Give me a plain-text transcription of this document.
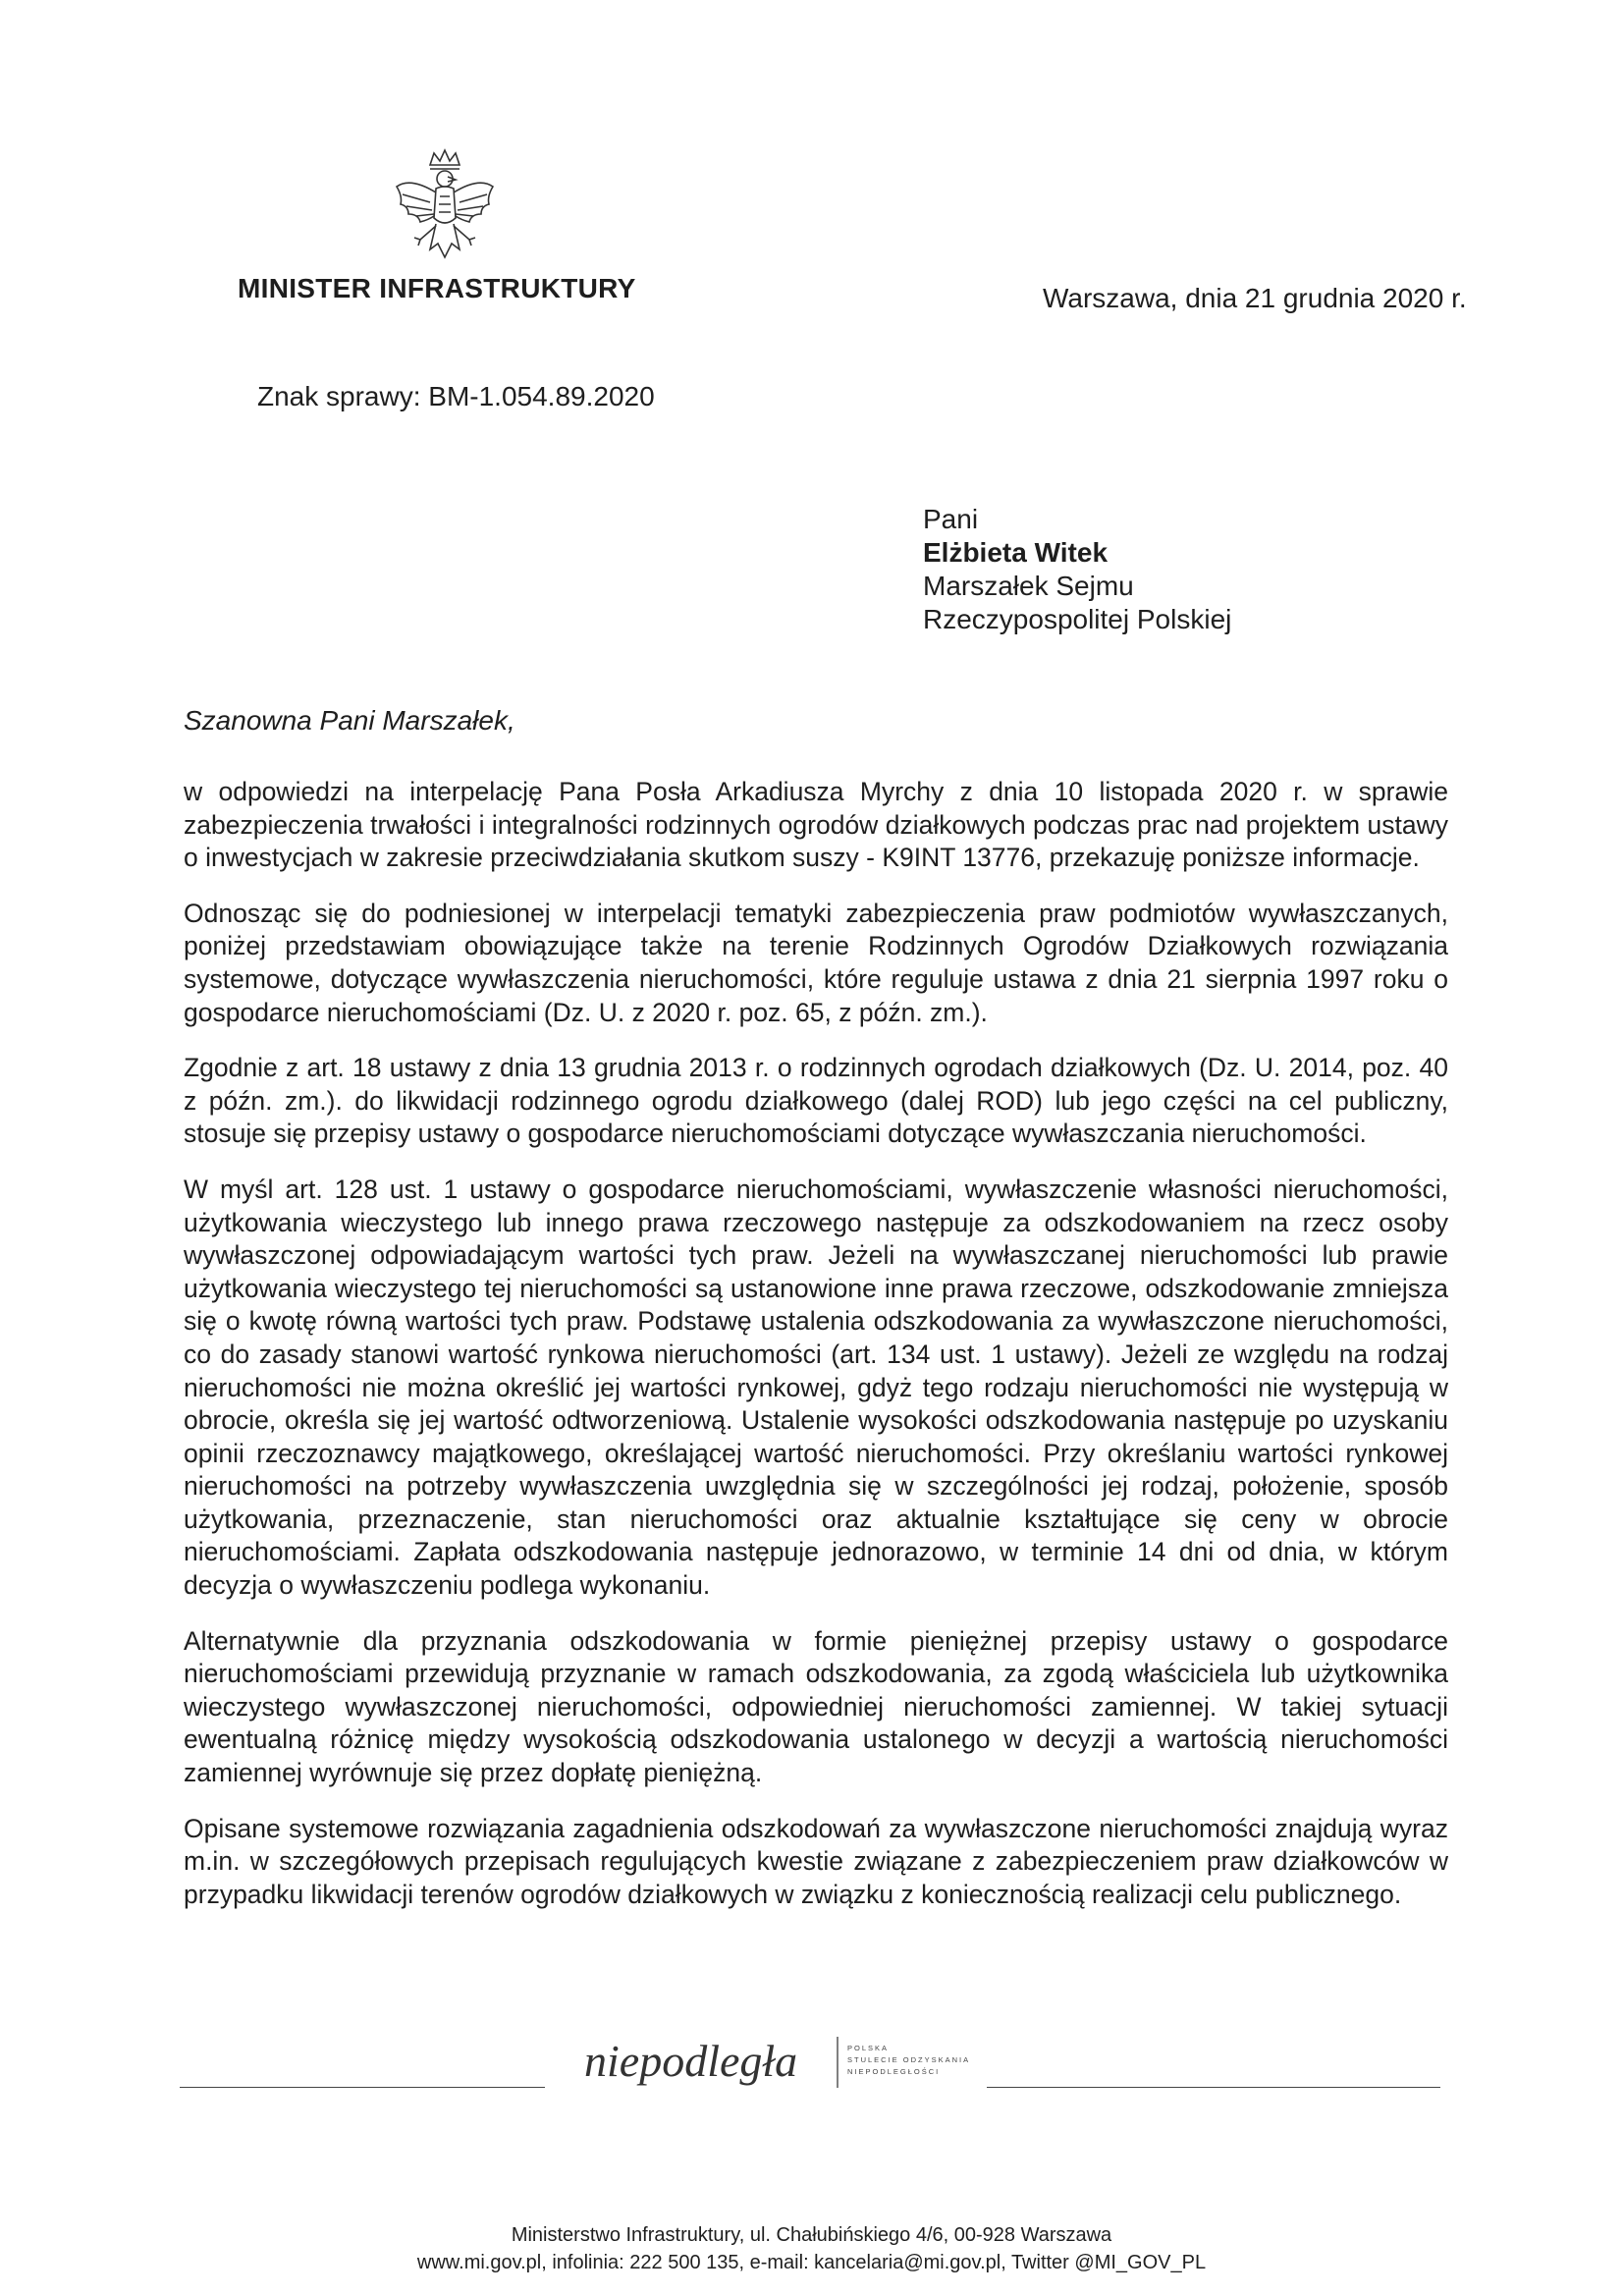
MINISTER INFRASTRUKTURY	Warszawa, dnia 21 grudnia 2020 r.
Znak sprawy: BM-1.054.89.2020
Pani
Elżbieta Witek
Marszałek Sejmu
Rzeczypospolitej Polskiej
Szanowna Pani Marszałek,

w odpowiedzi na interpelację Pana Posła Arkadiusza Myrchy z dnia 10 listopada 2020 r. w sprawie zabezpieczenia trwałości i integralności rodzinnych ogrodów działkowych podczas prac nad projektem ustawy o inwestycjach w zakresie przeciwdziałania skutkom suszy - K9INT 13776, przekazuję poniższe informacje.

Odnosząc się do podniesionej w interpelacji tematyki zabezpieczenia praw podmiotów wywłaszczanych, poniżej przedstawiam obowiązujące także na terenie Rodzinnych Ogrodów Działkowych rozwiązania systemowe, dotyczące wywłaszczenia nieruchomości, które reguluje ustawa z dnia 21 sierpnia 1997 roku o gospodarce nieruchomościami (Dz. U. z 2020 r. poz. 65, z późn. zm.).

Zgodnie z art. 18 ustawy z dnia 13 grudnia 2013 r. o rodzinnych ogrodach działkowych (Dz. U. 2014, poz. 40 z późn. zm.). do likwidacji rodzinnego ogrodu działkowego (dalej ROD) lub jego części na cel publiczny, stosuje się przepisy ustawy o gospodarce nieruchomościami dotyczące wywłaszczania nieruchomości.

W myśl art. 128 ust. 1 ustawy o gospodarce nieruchomościami, wywłaszczenie własności nieruchomości, użytkowania wieczystego lub innego prawa rzeczowego następuje za odszkodowaniem na rzecz osoby wywłaszczonej odpowiadającym wartości tych praw. Jeżeli na wywłaszczanej nieruchomości lub prawie użytkowania wieczystego tej nieruchomości są ustanowione inne prawa rzeczowe, odszkodowanie zmniejsza się o kwotę równą wartości tych praw. Podstawę ustalenia odszkodowania za wywłaszczone nieruchomości, co do zasady stanowi wartość rynkowa nieruchomości (art. 134 ust. 1 ustawy). Jeżeli ze względu na rodzaj nieruchomości nie można określić jej wartości rynkowej, gdyż tego rodzaju nieruchomości nie występują w obrocie, określa się jej wartość odtworzeniową. Ustalenie wysokości odszkodowania następuje po uzyskaniu opinii rzeczoznawcy majątkowego, określającej wartość nieruchomości. Przy określaniu wartości rynkowej nieruchomości na potrzeby wywłaszczenia uwzględnia się w szczególności jej rodzaj, położenie, sposób użytkowania, przeznaczenie, stan nieruchomości oraz aktualnie kształtujące się ceny w obrocie nieruchomościami. Zapłata odszkodowania następuje jednorazowo, w terminie 14 dni od dnia, w którym decyzja o wywłaszczeniu podlega wykonaniu.

Alternatywnie dla przyznania odszkodowania w formie pieniężnej przepisy ustawy o gospodarce nieruchomościami przewidują przyznanie w ramach odszkodowania, za zgodą właściciela lub użytkownika wieczystego wywłaszczonej nieruchomości, odpowiedniej nieruchomości zamiennej. W takiej sytuacji ewentualną różnicę między wysokością odszkodowania ustalonego w decyzji a wartością nieruchomości zamiennej wyrównuje się przez dopłatę pieniężną.

Opisane systemowe rozwiązania zagadnienia odszkodowań za wywłaszczone nieruchomości znajdują wyraz m.in. w szczegółowych przepisach regulujących kwestie związane z zabezpieczeniem praw działkowców w przypadku likwidacji terenów ogrodów działkowych w związku z koniecznością realizacji celu publicznego.

niepodległa	POLSKA
STULECIE ODZYSKANIA
NIEPODLEGŁOŚCI
Ministerstwo Infrastruktury, ul. Chałubińskiego 4/6, 00-928 Warszawa
www.mi.gov.pl, infolinia: 222 500 135, e-mail: kancelaria@mi.gov.pl, Twitter @MI_GOV_PL
